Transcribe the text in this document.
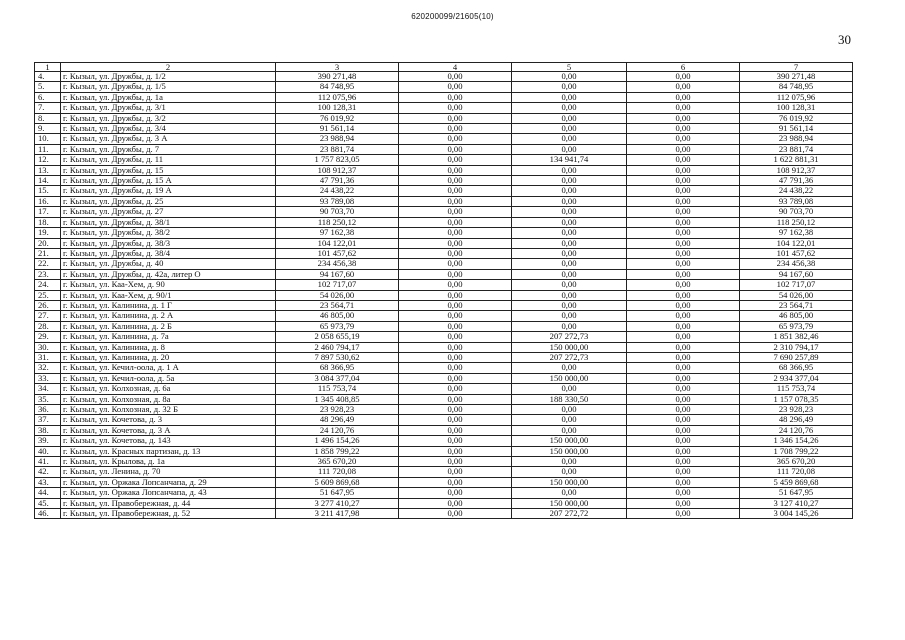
620200099/21605(10)
30
1	2	3	4	5	6	7
4.	г. Кызыл, ул. Дружбы, д. 1/2	390 271,48	0,00	0,00	0,00	390 271,48
5.	г. Кызыл, ул. Дружбы, д. 1/5	84 748,95	0,00	0,00	0,00	84 748,95
6.	г. Кызыл, ул. Дружбы, д. 1а	112 075,96	0,00	0,00	0,00	112 075,96
7.	г. Кызыл, ул. Дружбы, д. 3/1	100 128,31	0,00	0,00	0,00	100 128,31
8.	г. Кызыл, ул. Дружбы, д. 3/2	76 019,92	0,00	0,00	0,00	76 019,92
9.	г. Кызыл, ул. Дружбы, д. 3/4	91 561,14	0,00	0,00	0,00	91 561,14
10.	г. Кызыл, ул. Дружбы, д. 3 А	23 988,94	0,00	0,00	0,00	23 988,94
11.	г. Кызыл, ул. Дружбы, д. 7	23 881,74	0,00	0,00	0,00	23 881,74
12.	г. Кызыл, ул. Дружбы, д. 11	1 757 823,05	0,00	134 941,74	0,00	1 622 881,31
13.	г. Кызыл, ул. Дружбы, д. 15	108 912,37	0,00	0,00	0,00	108 912,37
14.	г. Кызыл, ул. Дружбы, д. 15 А	47 791,36	0,00	0,00	0,00	47 791,36
15.	г. Кызыл, ул. Дружбы, д. 19 А	24 438,22	0,00	0,00	0,00	24 438,22
16.	г. Кызыл, ул. Дружбы, д. 25	93 789,08	0,00	0,00	0,00	93 789,08
17.	г. Кызыл, ул. Дружбы, д. 27	90 703,70	0,00	0,00	0,00	90 703,70
18.	г. Кызыл, ул. Дружбы, д. 38/1	118 250,12	0,00	0,00	0,00	118 250,12
19.	г. Кызыл, ул. Дружбы, д. 38/2	97 162,38	0,00	0,00	0,00	97 162,38
20.	г. Кызыл, ул. Дружбы, д. 38/3	104 122,01	0,00	0,00	0,00	104 122,01
21.	г. Кызыл, ул. Дружбы, д. 38/4	101 457,62	0,00	0,00	0,00	101 457,62
22.	г. Кызыл, ул. Дружбы, д. 40	234 456,38	0,00	0,00	0,00	234 456,38
23.	г. Кызыл, ул. Дружбы, д. 42а, литер О	94 167,60	0,00	0,00	0,00	94 167,60
24.	г. Кызыл, ул. Каа-Хем, д. 90	102 717,07	0,00	0,00	0,00	102 717,07
25.	г. Кызыл, ул. Каа-Хем, д. 90/1	54 026,00	0,00	0,00	0,00	54 026,00
26.	г. Кызыл, ул. Калинина, д. 1 Г	23 564,71	0,00	0,00	0,00	23 564,71
27.	г. Кызыл, ул. Калинина, д. 2 А	46 805,00	0,00	0,00	0,00	46 805,00
28.	г. Кызыл, ул. Калинина, д. 2 Б	65 973,79	0,00	0,00	0,00	65 973,79
29.	г. Кызыл, ул. Калинина, д. 7а	2 058 655,19	0,00	207 272,73	0,00	1 851 382,46
30.	г. Кызыл, ул. Калинина, д. 8	2 460 794,17	0,00	150 000,00	0,00	2 310 794,17
31.	г. Кызыл, ул. Калинина, д. 20	7 897 530,62	0,00	207 272,73	0,00	7 690 257,89
32.	г. Кызыл, ул. Кечил-оола, д. 1 А	68 366,95	0,00	0,00	0,00	68 366,95
33.	г. Кызыл, ул. Кечил-оола, д. 5а	3 084 377,04	0,00	150 000,00	0,00	2 934 377,04
34.	г. Кызыл, ул. Колхозная, д. 6а	115 753,74	0,00	0,00	0,00	115 753,74
35.	г. Кызыл, ул. Колхозная, д. 8а	1 345 408,85	0,00	188 330,50	0,00	1 157 078,35
36.	г. Кызыл, ул. Колхозная, д. 32 Б	23 928,23	0,00	0,00	0,00	23 928,23
37.	г. Кызыл, ул. Кочетова, д. 3	48 296,49	0,00	0,00	0,00	48 296,49
38.	г. Кызыл, ул. Кочетова, д. 3 А	24 120,76	0,00	0,00	0,00	24 120,76
39.	г. Кызыл, ул. Кочетова, д. 143	1 496 154,26	0,00	150 000,00	0,00	1 346 154,26
40.	г. Кызыл, ул. Красных партизан, д. 13	1 858 799,22	0,00	150 000,00	0,00	1 708 799,22
41.	г. Кызыл, ул. Крылова, д. 1а	365 670,20	0,00	0,00	0,00	365 670,20
42.	г. Кызыл, ул. Ленина, д. 70	111 720,08	0,00	0,00	0,00	111 720,08
43.	г. Кызыл, ул. Оржака Лопсанчапа, д. 29	5 609 869,68	0,00	150 000,00	0,00	5 459 869,68
44.	г. Кызыл, ул. Оржака Лопсанчапа, д. 43	51 647,95	0,00	0,00	0,00	51 647,95
45.	г. Кызыл, ул. Правобережная, д. 44	3 277 410,27	0,00	150 000,00	0,00	3 127 410,27
46.	г. Кызыл, ул. Правобережная, д. 52	3 211 417,98	0,00	207 272,72	0,00	3 004 145,26
